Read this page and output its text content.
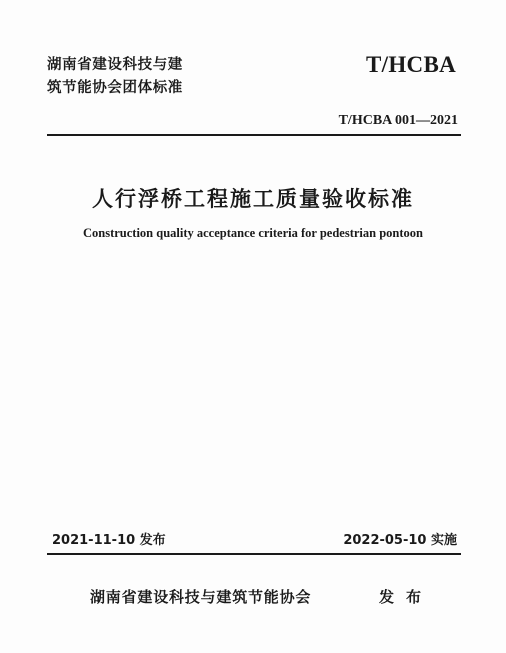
湖南省建设科技与建
筑节能协会团体标准
T/HCBA
T/HCBA 001—2021
人行浮桥工程施工质量验收标准
Construction quality acceptance criteria for pedestrian pontoon
2021-11-10 发布	2022-05-10 实施
湖南省建设科技与建筑节能协会	发布
